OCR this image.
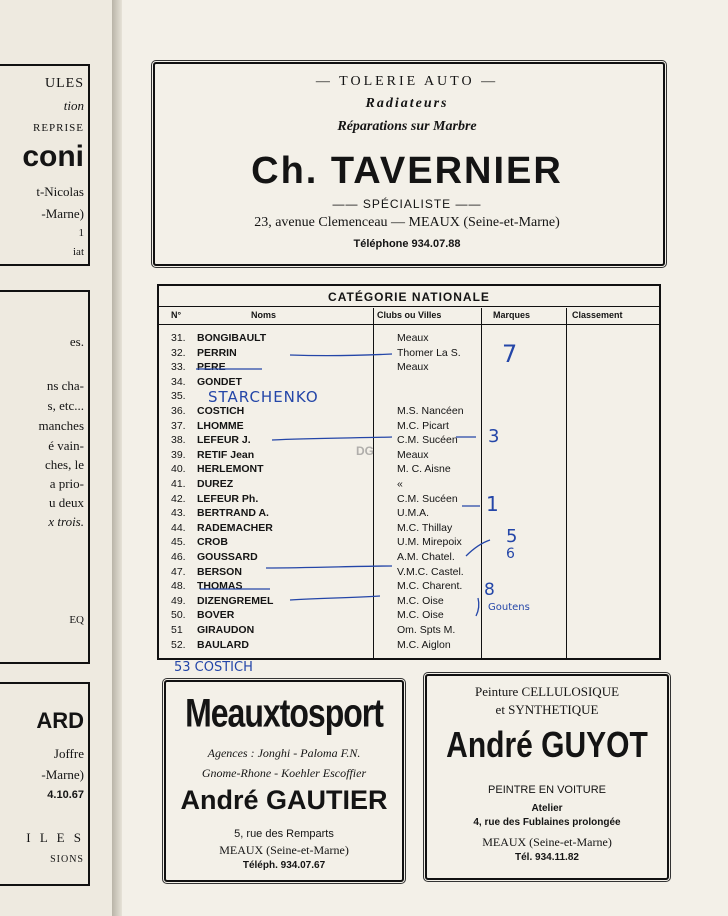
ULES
tion
REPRISE
coni
t-Nicolas
-Marne)
1
iat
es.
ns cha-
s, etc...
manches
é vain-
ches, le
a prio-
u deux
x trois.
EQ
ARD
Joffre
-Marne)
4.10.67
I L E S
SIONS
— TOLERIE AUTO —
Radiateurs
Réparations sur Marbre
Ch. TAVERNIER
—— SPÉCIALISTE ——
23, avenue Clemenceau — MEAUX (Seine-et-Marne)
Téléphone 934.07.88
CATÉGORIE NATIONALE
N°	Noms	Clubs ou Villes	Marques	Classement
31. BONGIBAULT	Meaux
32. PERRIN	Thomer La S.
33. PERE	Meaux
34. GONDET
35.
36. COSTICH	M.S. Nancéen
37. LHOMME	M.C. Picart
38. LEFEUR J.	C.M. Sucéen
39. RETIF Jean	Meaux
40. HERLEMONT	M. C. Aisne
41. DUREZ	«
42. LEFEUR Ph.	C.M. Sucéen
43. BERTRAND A.	U.M.A.
44. RADEMACHER	M.C. Thillay
45. CROB	U.M. Mirepoix
46. GOUSSARD	A.M. Chatel.
47. BERSON	V.M.C. Castel.
48. THOMAS	M.C. Charent.
49. DIZENGREMEL	M.C. Oise
50. BOVER	M.C. Oise
51 GIRAUDON	Om. Spts M.
52. BAULARD	M.C. Aiglon
STARCHENKO
53 COSTICH
7
3
1
5
6
8
Goutens
DG
Meauxtosport
Agences : Jonghi - Paloma F.N.
Gnome-Rhone - Koehler Escoffier
André GAUTIER
5, rue des Remparts
MEAUX (Seine-et-Marne)
Téléph. 934.07.67
Peinture CELLULOSIQUE
et SYNTHETIQUE
André GUYOT
PEINTRE EN VOITURE
Atelier
4, rue des Fublaines prolongée
MEAUX (Seine-et-Marne)
Tél. 934.11.82
